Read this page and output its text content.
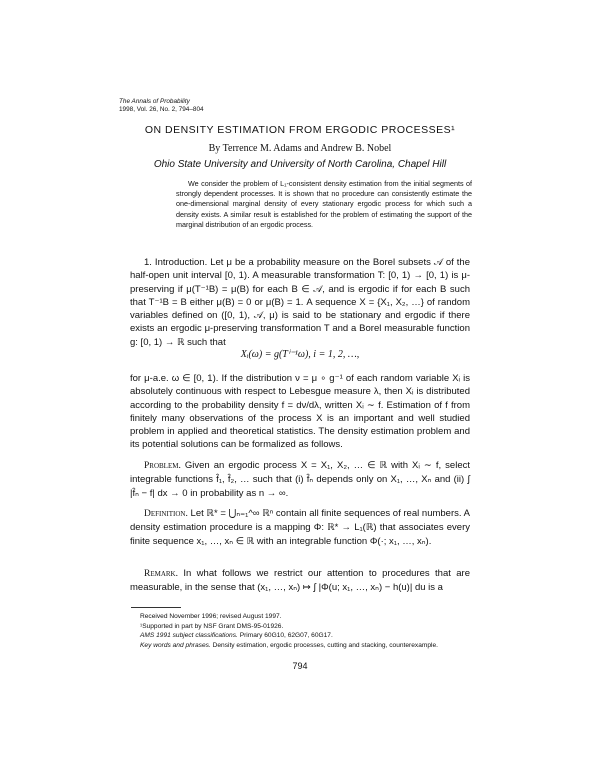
The Annals of Probability
1998, Vol. 26, No. 2, 794–804
ON DENSITY ESTIMATION FROM ERGODIC PROCESSES¹
By Terrence M. Adams and Andrew B. Nobel
Ohio State University and University of North Carolina, Chapel Hill
We consider the problem of L₁-consistent density estimation from the initial segments of strongly dependent processes. It is shown that no procedure can consistently estimate the one-dimensional marginal density of every stationary ergodic process for which such a density exists. A similar result is established for the problem of estimating the support of the marginal distribution of an ergodic process.
1. Introduction. Let μ be a probability measure on the Borel subsets 𝒜 of the half-open unit interval [0, 1). A measurable transformation T: [0, 1) → [0, 1) is μ-preserving if μ(T⁻¹B) = μ(B) for each B ∈ 𝒜, and is ergodic if for each B such that T⁻¹B = B either μ(B) = 0 or μ(B) = 1. A sequence X = {X₁, X₂, …} of random variables defined on ([0, 1), 𝒜, μ) is said to be stationary and ergodic if there exists an ergodic μ-preserving transformation T and a Borel measurable function g: [0, 1) → ℝ such that
Xᵢ(ω) = g(Tⁱ⁻¹ω), i = 1, 2, …,
for μ-a.e. ω ∈ [0, 1). If the distribution ν = μ ∘ g⁻¹ of each random variable Xᵢ is absolutely continuous with respect to Lebesgue measure λ, then Xᵢ is distributed according to the probability density f = dν/dλ, written Xᵢ ∼ f. Estimation of f from finitely many observations of the process X is an important and well studied problem in applied and theoretical statistics. The density estimation problem and its potential solutions can be formalized as follows.
Problem. Given an ergodic process X = X₁, X₂, … ∈ ℝ with Xᵢ ∼ f, select integrable functions f̂₁, f̂₂, … such that (i) f̂ₙ depends only on X₁, …, Xₙ and (ii) ∫ |f̂ₙ − f| dx → 0 in probability as n → ∞.
Definition. Let ℝ* = ⋃ₙ₌₁^∞ ℝⁿ contain all finite sequences of real numbers. A density estimation procedure is a mapping Φ: ℝ* → L₁(ℝ) that associates every finite sequence x₁, …, xₙ ∈ ℝ with an integrable function Φ(·; x₁, …, xₙ).
Remark. In what follows we restrict our attention to procedures that are measurable, in the sense that (x₁, …, xₙ) ↦ ∫ |Φ(u; x₁, …, xₙ) − h(u)| du is a
Received November 1996; revised August 1997.
¹Supported in part by NSF Grant DMS-95-01926.
AMS 1991 subject classifications. Primary 60G10, 62G07, 60G17.
Key words and phrases. Density estimation, ergodic processes, cutting and stacking, counterexample.
794
